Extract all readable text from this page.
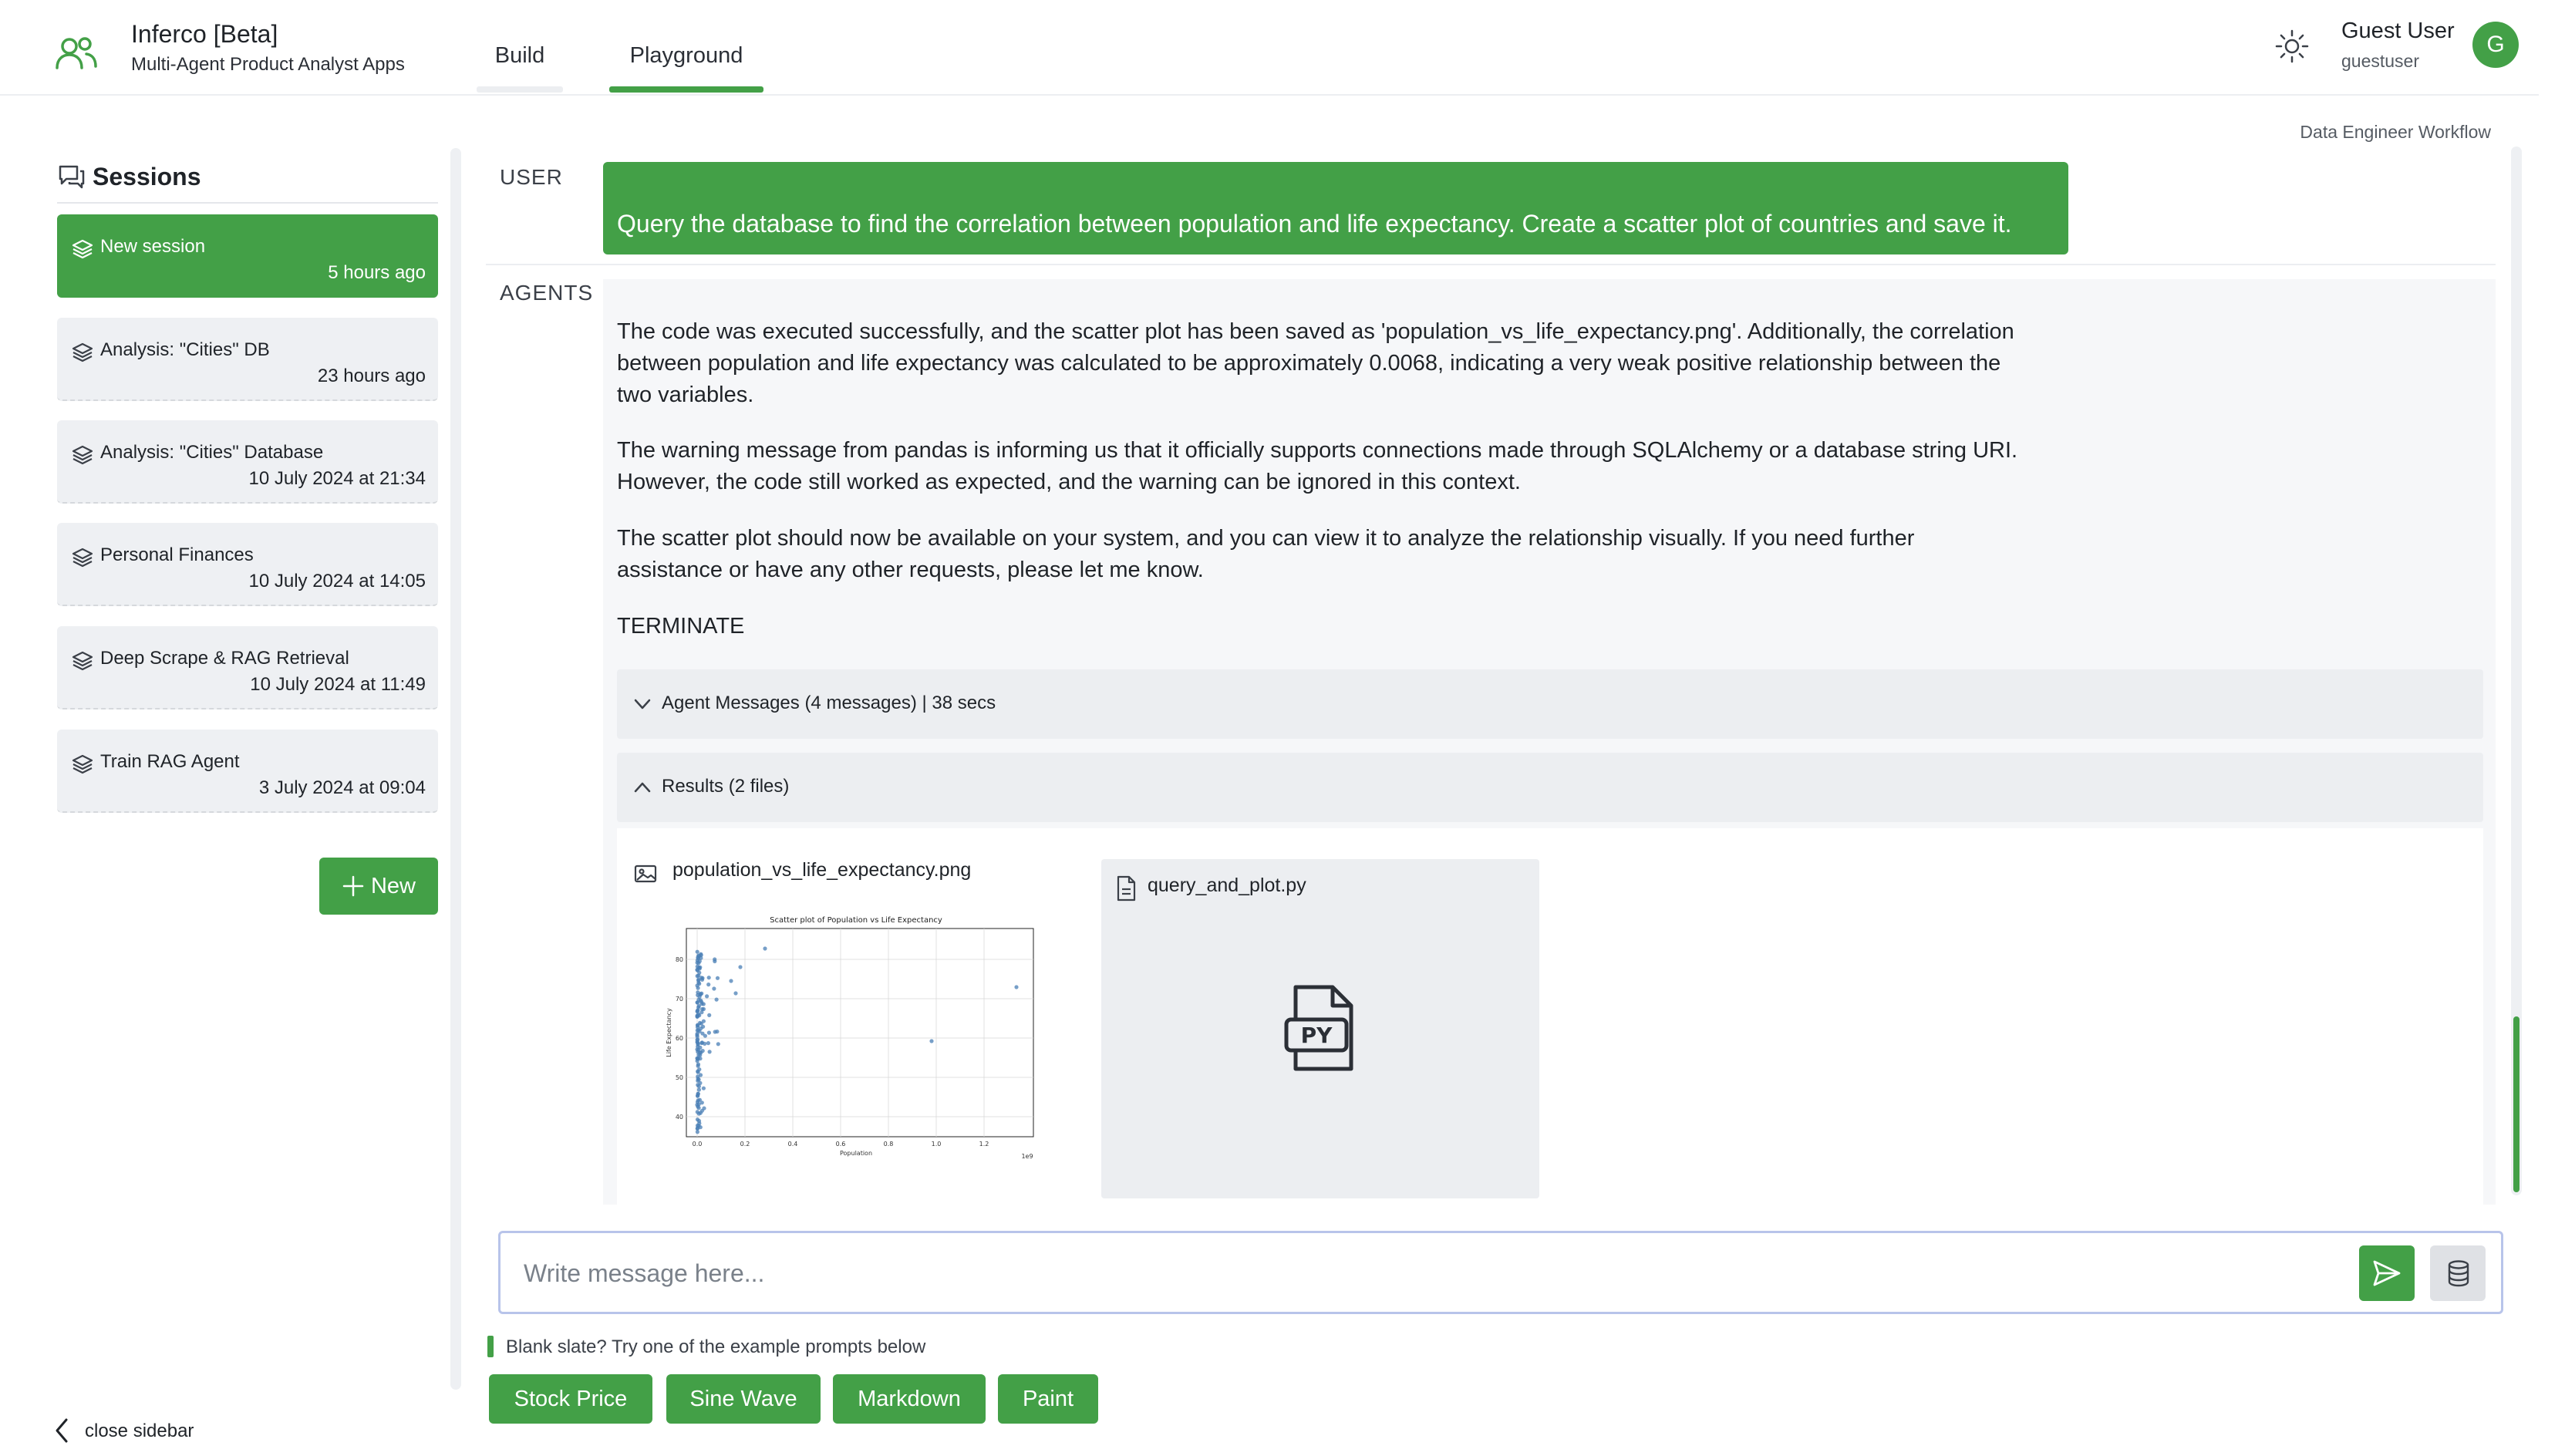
Inferco [Beta]
Multi-Agent Product Analyst Apps	Build	Playground
Guest User
guestuser
G
Data Engineer Workflow
Sessions
New session
5 hours ago
Analysis: "Cities" DB
23 hours ago
Analysis: "Cities" Database
10 July 2024 at 21:34
Personal Finances
10 July 2024 at 14:05
Deep Scrape & RAG Retrieval
10 July 2024 at 11:49
Train RAG Agent
3 July 2024 at 09:04
New
close sidebar
USER
Query the database to find the correlation between population and life expectancy. Create a scatter plot of countries and save it.
AGENTS
The code was executed successfully, and the scatter plot has been saved as 'population_vs_life_expectancy.png'. Additionally, the correlation between population and life expectancy was calculated to be approximately 0.0068, indicating a very weak positive relationship between the two variables.
The warning message from pandas is informing us that it officially supports connections made through SQLAlchemy or a database string URI. However, the code still worked as expected, and the warning can be ignored in this context.
The scatter plot should now be available on your system, and you can view it to analyze the relationship visually. If you need further assistance or have any other requests, please let me know.
TERMINATE
Agent Messages (4 messages) | 38 secs
Results (2 files)
population_vs_life_expectancy.png
Scatter plot of Population vs Life Expectancy
0.0	0.2	0.4	0.6	0.8	1.0	1.2
1e9
Population
40
50
60
70
80
Life Expectancy
query_and_plot.py
PY
Write message here...
Blank slate? Try one of the example prompts below
Stock Price	Sine Wave	Markdown	Paint
